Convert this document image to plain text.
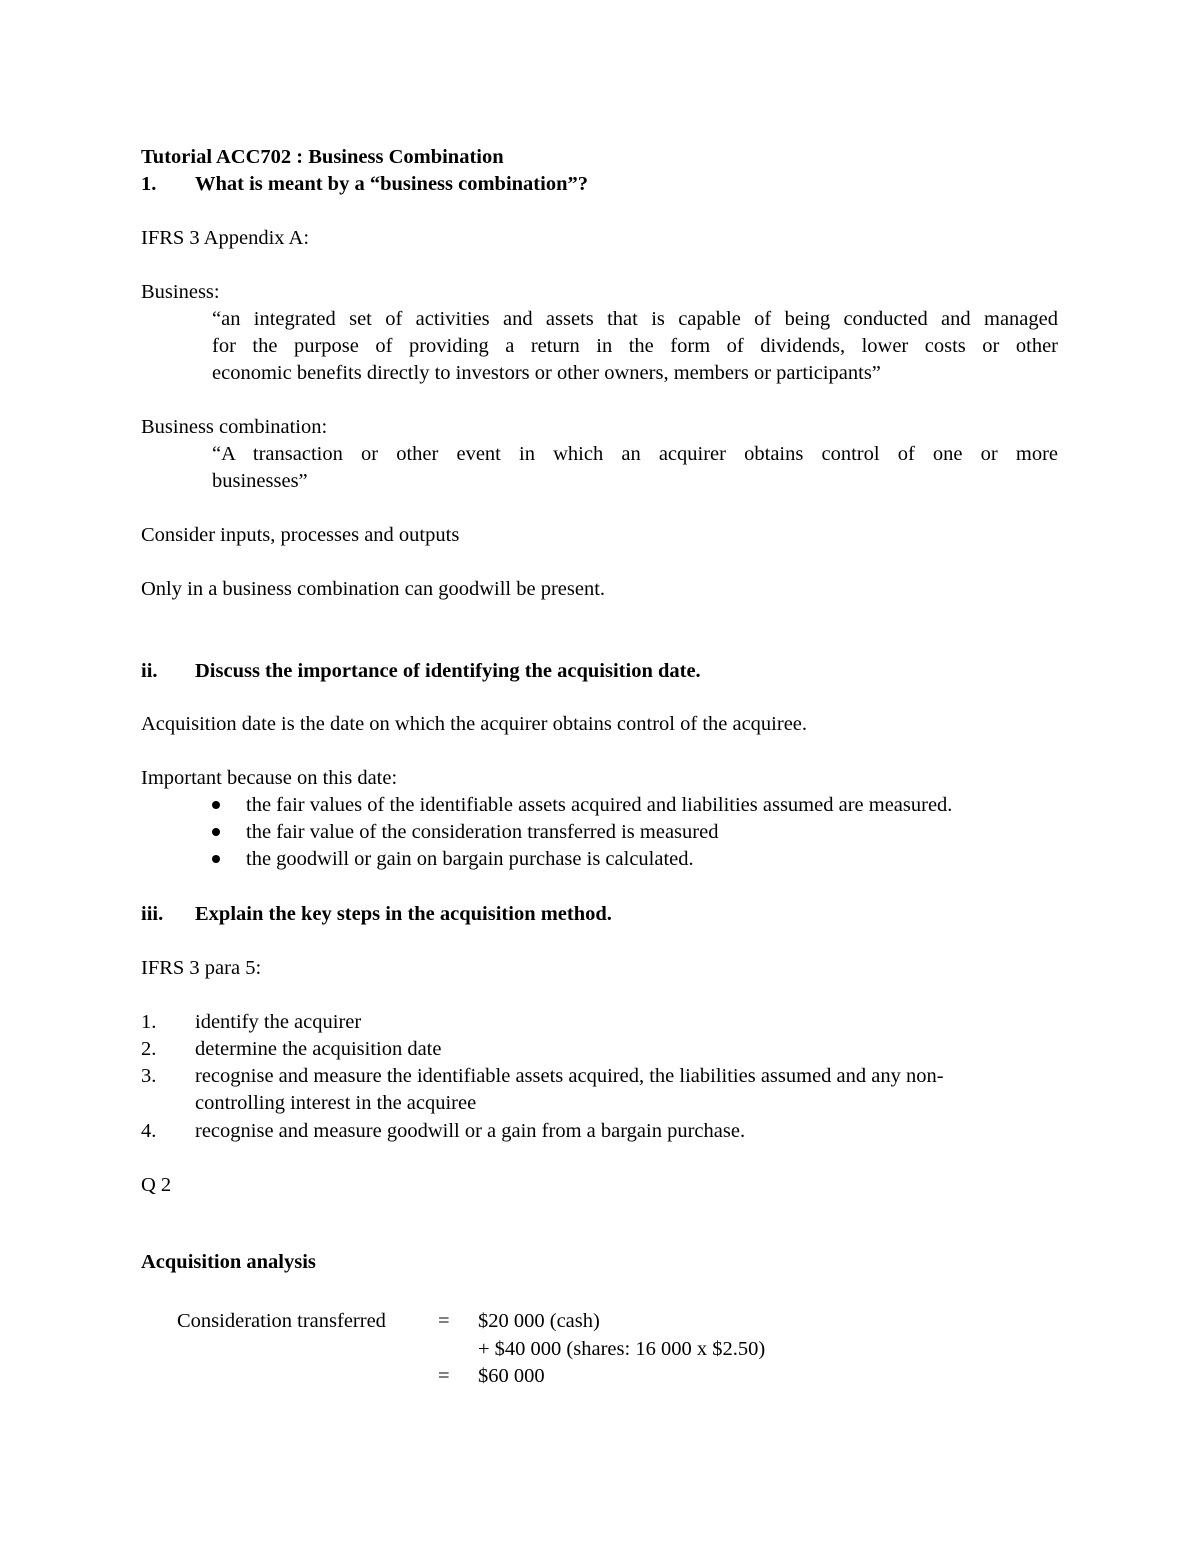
Tutorial ACC702 : Business Combination
1. What is meant by a “business combination”?
IFRS 3 Appendix A:
Business:
“an integrated set of activities and assets that is capable of being conducted and managed
for the purpose of providing a return in the form of dividends, lower costs or other
economic benefits directly to investors or other owners, members or participants”
Business combination:
“A transaction or other event in which an acquirer obtains control of one or more
businesses”
Consider inputs, processes and outputs
Only in a business combination can goodwill be present.
ii. Discuss the importance of identifying the acquisition date.
Acquisition date is the date on which the acquirer obtains control of the acquiree.
Important because on this date:
the fair values of the identifiable assets acquired and liabilities assumed are measured.
the fair value of the consideration transferred is measured
the goodwill or gain on bargain purchase is calculated.
iii. Explain the key steps in the acquisition method.
IFRS 3 para 5:
1. identify the acquirer
2. determine the acquisition date
3. recognise and measure the identifiable assets acquired, the liabilities assumed and any non-
controlling interest in the acquiree
4. recognise and measure goodwill or a gain from a bargain purchase.
Q 2
Acquisition analysis
Consideration transferred	= $20 000 (cash)
+ $40 000 (shares: 16 000 x $2.50)
= $60 000
